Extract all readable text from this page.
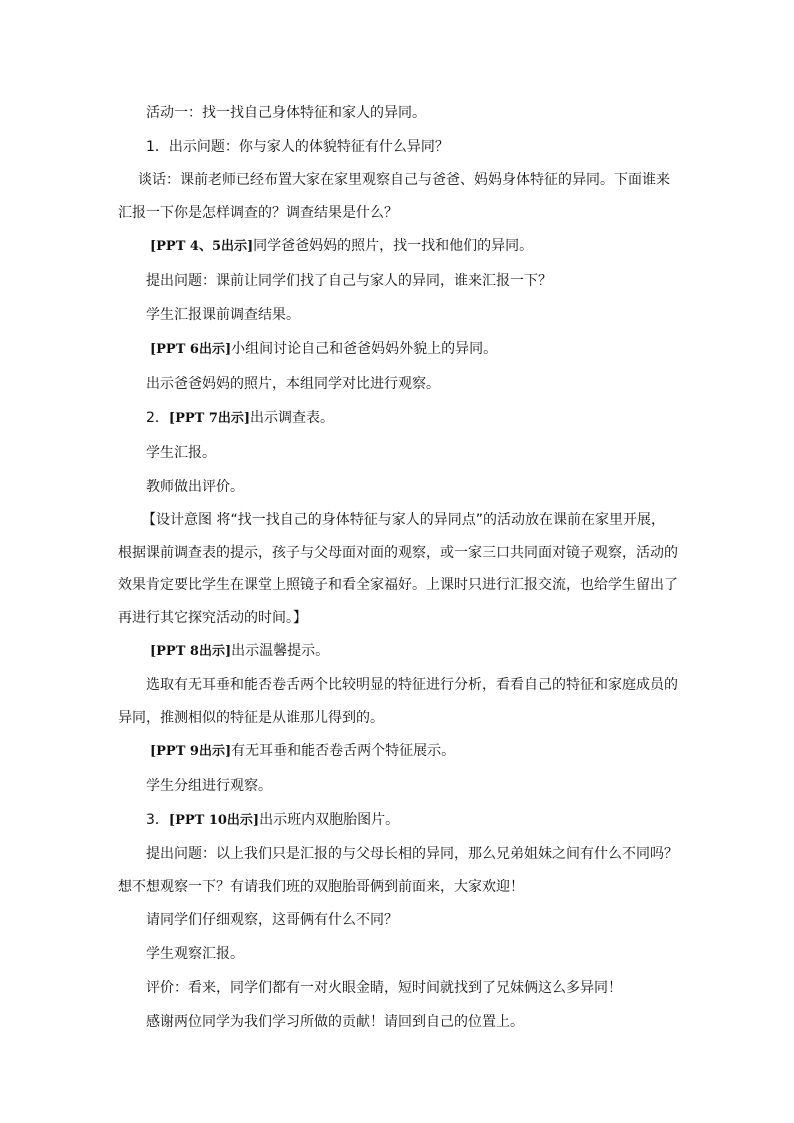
活动一：找一找自己身体特征和家人的异同。

1．出示问题：你与家人的体貌特征有什么异同？

谈话：课前老师已经布置大家在家里观察自己与爸爸、妈妈身体特征的异同。下面谁来汇报一下你是怎样调查的？调查结果是什么？

[PPT 4、5出示]同学爸爸妈妈的照片，找一找和他们的异同。

提出问题：课前让同学们找了自己与家人的异同，谁来汇报一下？

学生汇报课前调查结果。

[PPT 6出示]小组间讨论自己和爸爸妈妈外貌上的异同。

出示爸爸妈妈的照片，本组同学对比进行观察。

2．[PPT 7出示]出示调查表。

学生汇报。

教师做出评价。

【设计意图 将“找一找自己的身体特征与家人的异同点”的活动放在课前在家里开展，根据课前调查表的提示，孩子与父母面对面的观察，或一家三口共同面对镜子观察，活动的效果肯定要比学生在课堂上照镜子和看全家福好。上课时只进行汇报交流，也给学生留出了再进行其它探究活动的时间。】

[PPT 8出示]出示温馨提示。

选取有无耳垂和能否卷舌两个比较明显的特征进行分析，看看自己的特征和家庭成员的异同，推测相似的特征是从谁那儿得到的。

[PPT 9出示]有无耳垂和能否卷舌两个特征展示。

学生分组进行观察。

3．[PPT 10出示]出示班内双胞胎图片。

提出问题：以上我们只是汇报的与父母长相的异同，那么兄弟姐妹之间有什么不同吗？想不想观察一下？有请我们班的双胞胎哥俩到前面来，大家欢迎！

请同学们仔细观察，这哥俩有什么不同？

学生观察汇报。

评价：看来，同学们都有一对火眼金睛，短时间就找到了兄妹俩这么多异同！

感谢两位同学为我们学习所做的贡献！请回到自己的位置上。
